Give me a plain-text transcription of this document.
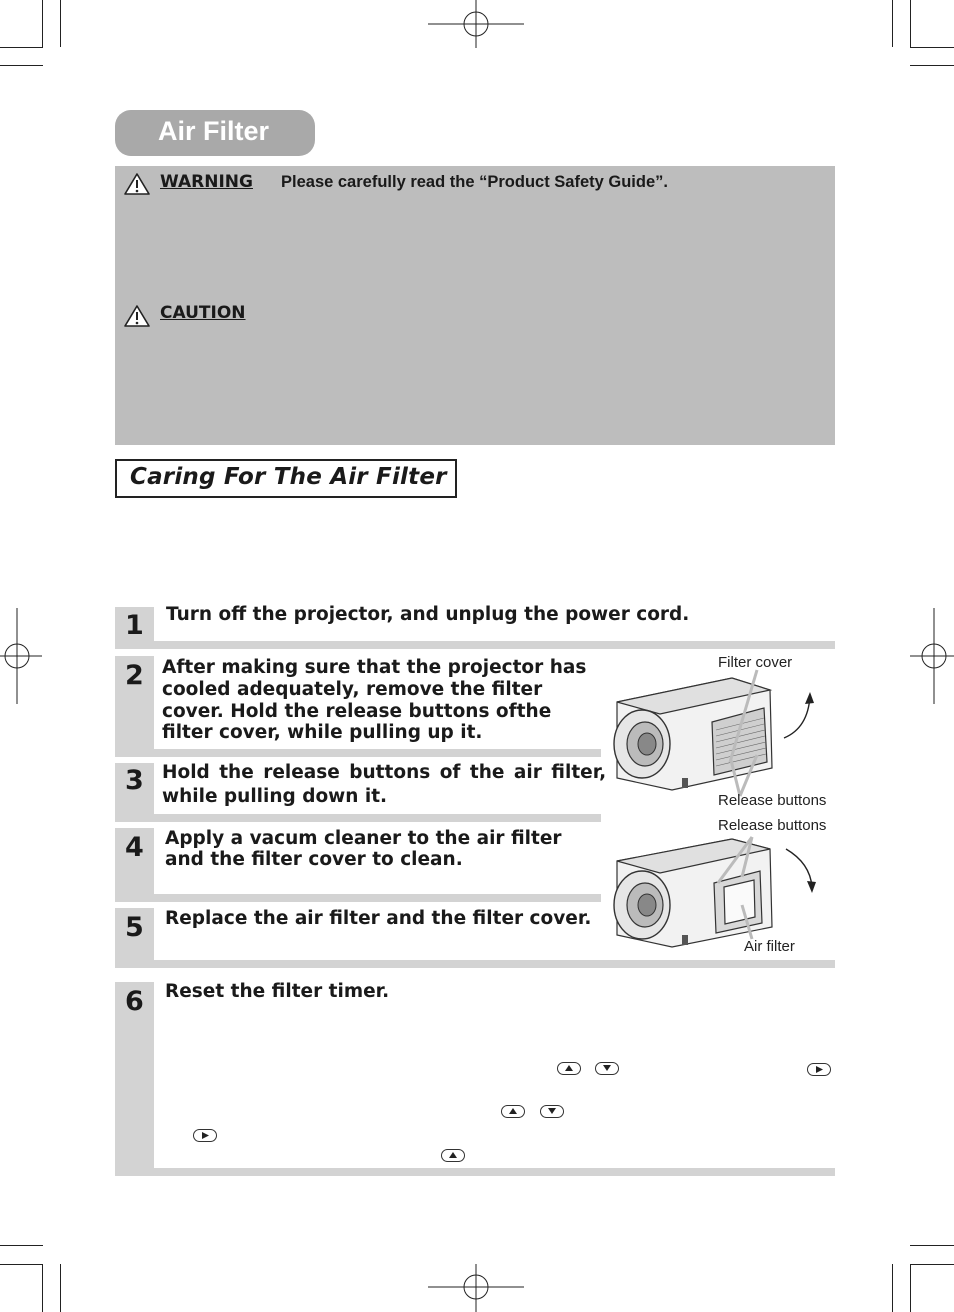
Air Filter
WARNING Please carefully read the “Product Safety Guide”.
CAUTION
Caring For The Air Filter
1 Turn off the projector, and unplug the power cord.
2 After making sure that the projector has
cooled adequately, remove the filter
cover. Hold the release buttons ofthe
filter cover, while pulling up it.
3 Hold the release buttons of the air filter,
while pulling down it.
4 Apply a vacum cleaner to the air filter
and the filter cover to clean.
5 Replace the air filter and the filter cover.
6 Reset the filter timer.
Filter cover
Release buttons
Release buttons
Air filter
